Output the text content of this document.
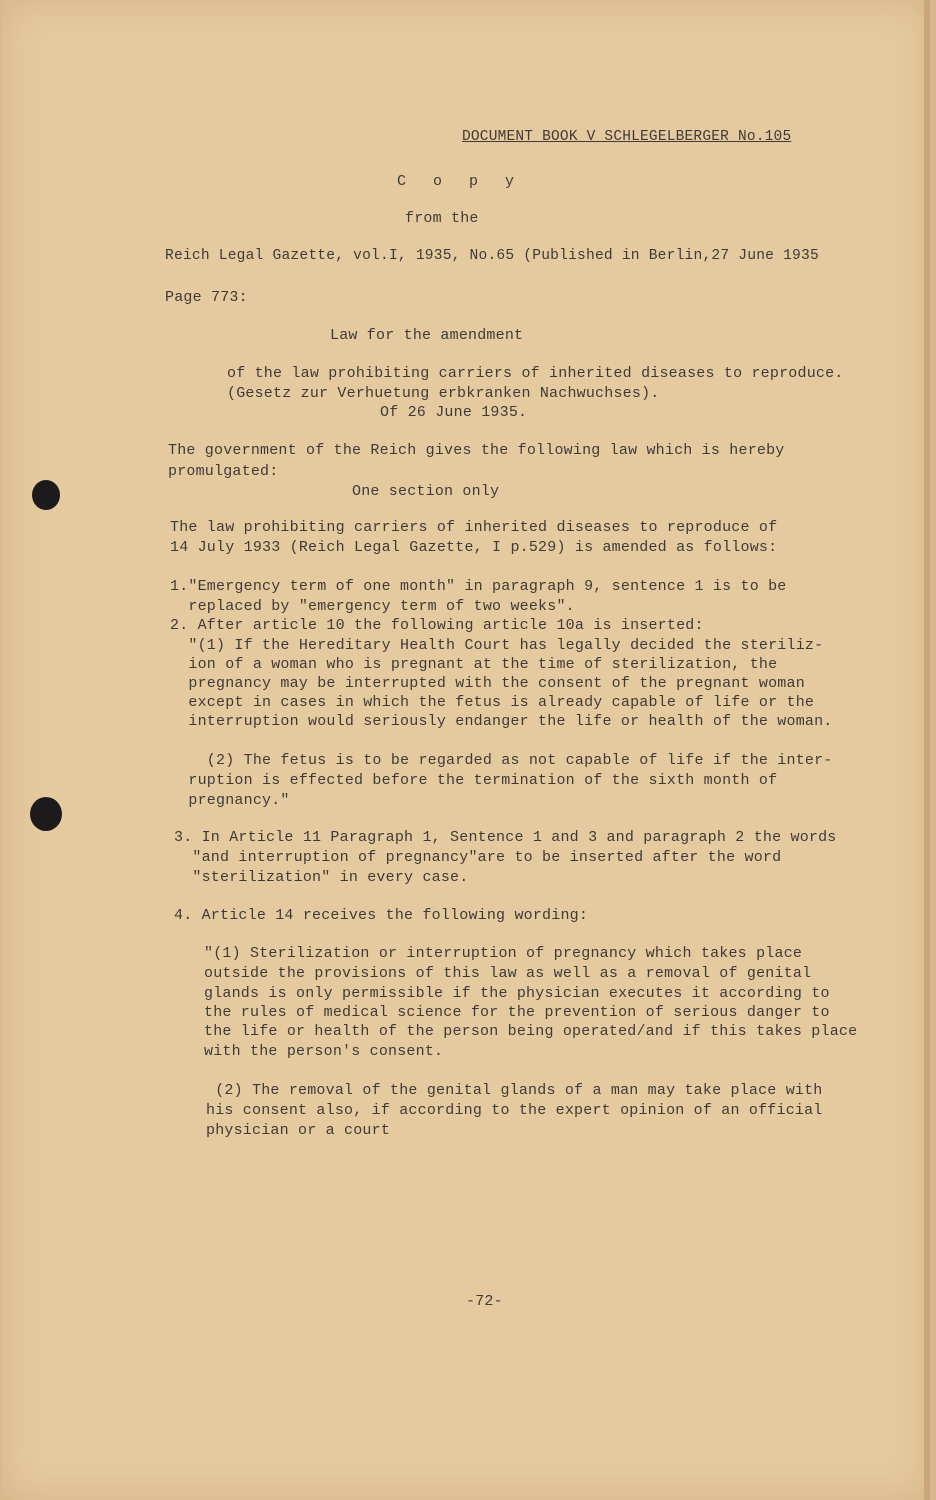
DOCUMENT BOOK V SCHLEGELBERGER No.105
C o p y
from the
Reich Legal Gazette, vol.I, 1935, No.65 (Published in Berlin,27 June 1935
Page 773:
Law for the amendment
of the law prohibiting carriers of inherited diseases to reproduce.
(Gesetz zur Verhuetung erbkranken Nachwuchses).
Of 26 June 1935.
The government of the Reich gives the following law which is hereby
promulgated:
One section only
The law prohibiting carriers of inherited diseases to reproduce of
14 July 1933 (Reich Legal Gazette, I p.529) is amended as follows:
1."Emergency term of one month" in paragraph 9, sentence 1 is to be
replaced by "emergency term of two weeks".
2. After article 10 the following article 10a is inserted:
"(1) If the Hereditary Health Court has legally decided the steriliz-
ion of a woman who is pregnant at the time of sterilization, the
pregnancy may be interrupted with the consent of the pregnant woman
except in cases in which the fetus is already capable of life or the
interruption would seriously endanger the life or health of the woman.
(2) The fetus is to be regarded as not capable of life if the inter-
ruption is effected before the termination of the sixth month of
pregnancy."
3. In Article 11 Paragraph 1, Sentence 1 and 3 and paragraph 2 the words
"and interruption of pregnancy"are to be inserted after the word
"sterilization" in every case.
4. Article 14 receives the following wording:
"(1) Sterilization or interruption of pregnancy which takes place
outside the provisions of this law as well as a removal of genital
glands is only permissible if the physician executes it according to
the rules of medical science for the prevention of serious danger to
the life or health of the person being operated/and if this takes place
with the person's consent.
(2) The removal of the genital glands of a man may take place with
his consent also, if according to the expert opinion of an official
physician or a court
-72-
